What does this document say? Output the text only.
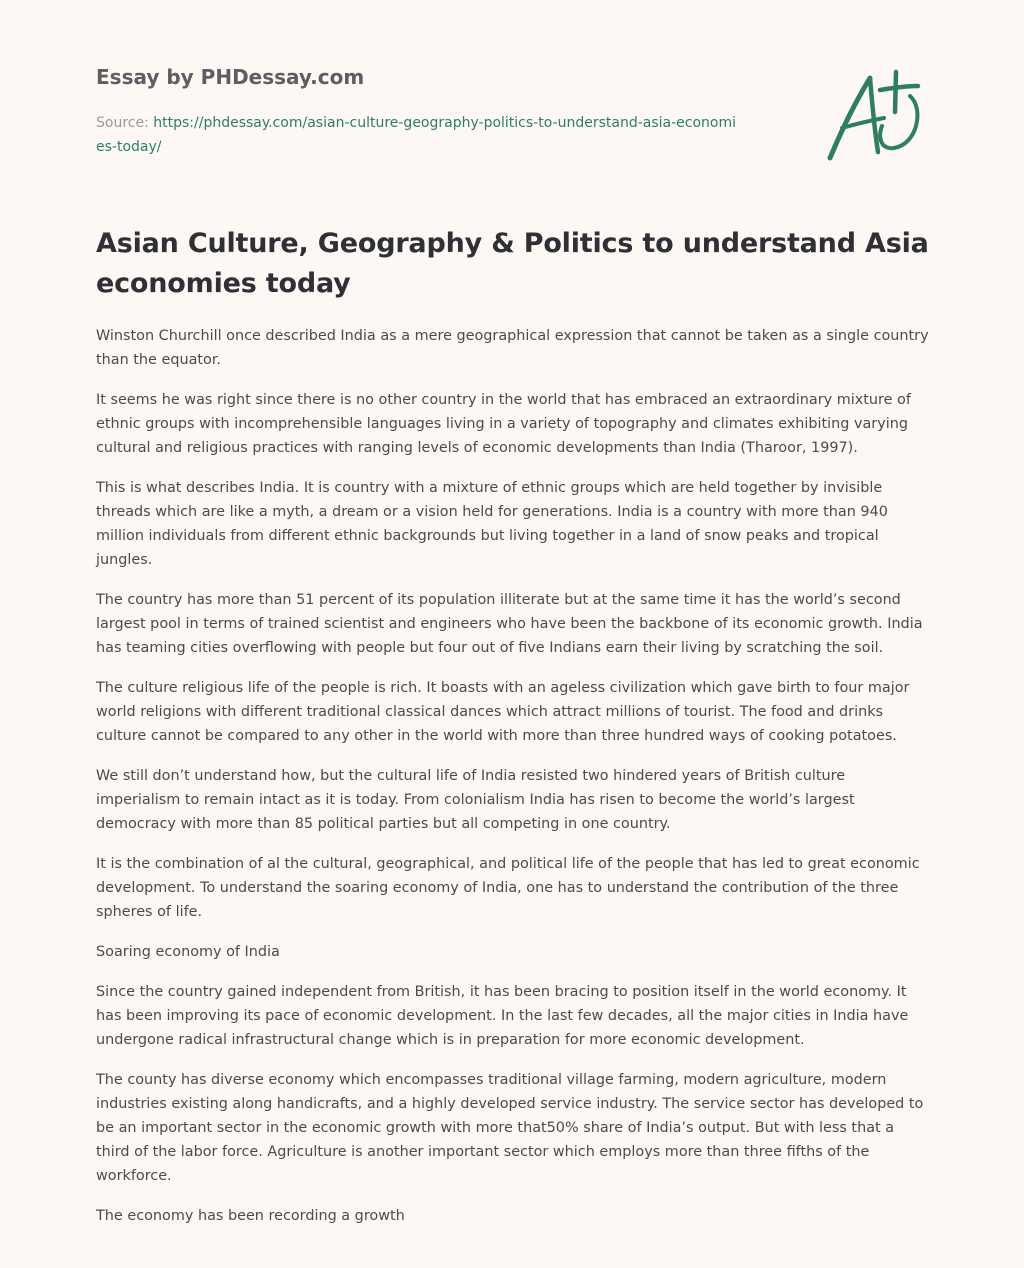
Essay by PHDessay.com
Source: https://phdessay.com/asian-culture-geography-politics-to-understand-asia-economies-today/
Asian Culture, Geography & Politics to understand Asia economies today

Winston Churchill once described India as a mere geographical expression that cannot be taken as a single country than the equator.

It seems he was right since there is no other country in the world that has embraced an extraordinary mixture of ethnic groups with incomprehensible languages living in a variety of topography and climates exhibiting varying cultural and religious practices with ranging levels of economic developments than India (Tharoor, 1997).

This is what describes India. It is country with a mixture of ethnic groups which are held together by invisible threads which are like a myth, a dream or a vision held for generations. India is a country with more than 940 million individuals from different ethnic backgrounds but living together in a land of snow peaks and tropical jungles.

The country has more than 51 percent of its population illiterate but at the same time it has the world’s second largest pool in terms of trained scientist and engineers who have been the backbone of its economic growth. India has teaming cities overflowing with people but four out of five Indians earn their living by scratching the soil.

The culture religious life of the people is rich. It boasts with an ageless civilization which gave birth to four major world religions with different traditional classical dances which attract millions of tourist. The food and drinks culture cannot be compared to any other in the world with more than three hundred ways of cooking potatoes.

We still don’t understand how, but the cultural life of India resisted two hindered years of British culture imperialism to remain intact as it is today. From colonialism India has risen to become the world’s largest democracy with more than 85 political parties but all competing in one country.

It is the combination of al the cultural, geographical, and political life of the people that has led to great economic development. To understand the soaring economy of India, one has to understand the contribution of the three spheres of life.

Soaring economy of India

Since the country gained independent from British, it has been bracing to position itself in the world economy. It has been improving its pace of economic development. In the last few decades, all the major cities in India have undergone radical infrastructural change which is in preparation for more economic development.

The county has diverse economy which encompasses traditional village farming, modern agriculture, modern industries existing along handicrafts, and a highly developed service industry. The service sector has developed to be an important sector in the economic growth with more that50% share of India’s output. But with less that a third of the labor force. Agriculture is another important sector which employs more than three fifths of the workforce.

The economy has been recording a growth
